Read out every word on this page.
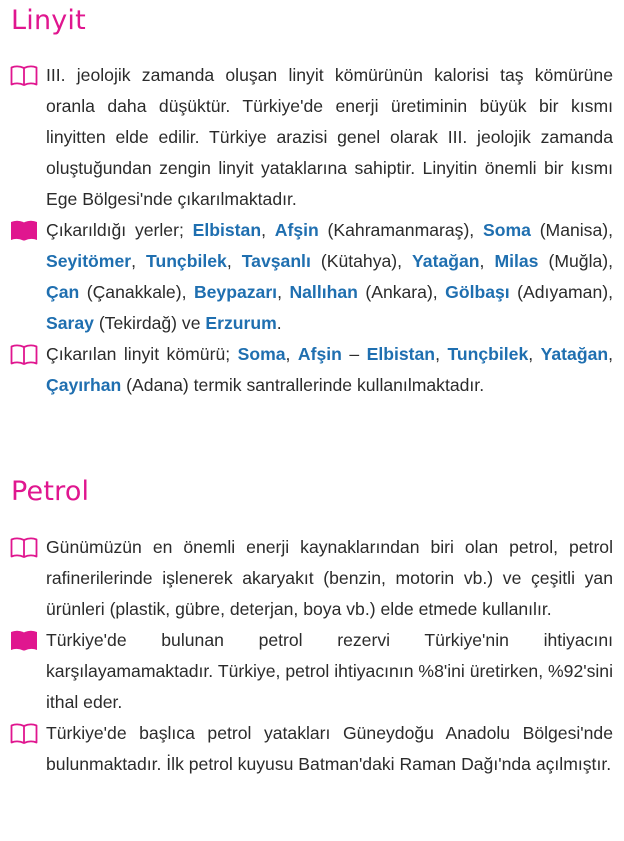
Linyit
III. jeolojik zamanda oluşan linyit kömürünün kalorisi taş kömürüne oranla daha düşüktür. Türkiye'de enerji üretiminin büyük bir kısmı linyitten elde edilir. Türkiye arazisi genel olarak III. jeolojik zamanda oluştuğundan zengin linyit yataklarına sahiptir. Linyitin önemli bir kısmı Ege Bölgesi'nde çıkarılmaktadır.
Çıkarıldığı yerler; Elbistan, Afşin (Kahramanmaraş), Soma (Manisa), Seyitömer, Tunçbilek, Tavşanlı (Kütahya), Yatağan, Milas (Muğla), Çan (Çanakkale), Beypazarı, Nallıhan (Ankara), Gölbaşı (Adıyaman), Saray (Tekirdağ) ve Erzurum.
Çıkarılan linyit kömürü; Soma, Afşin – Elbistan, Tunçbilek, Yatağan, Çayırhan (Adana) termik santrallerinde kullanılmaktadır.
Petrol
Günümüzün en önemli enerji kaynaklarından biri olan petrol, petrol rafinerilerinde işlenerek akaryakıt (benzin, motorin vb.) ve çeşitli yan ürünleri (plastik, gübre, deterjan, boya vb.) elde etmede kullanılır.
Türkiye'de bulunan petrol rezervi Türkiye'nin ihtiyacını karşılayamamaktadır. Türkiye, petrol ihtiyacının %8'ini üretirken, %92'sini ithal eder.
Türkiye'de başlıca petrol yatakları Güneydoğu Anadolu Bölgesi'nde bulunmaktadır. İlk petrol kuyusu Batman'daki Raman Dağı'nda açılmıştır.
